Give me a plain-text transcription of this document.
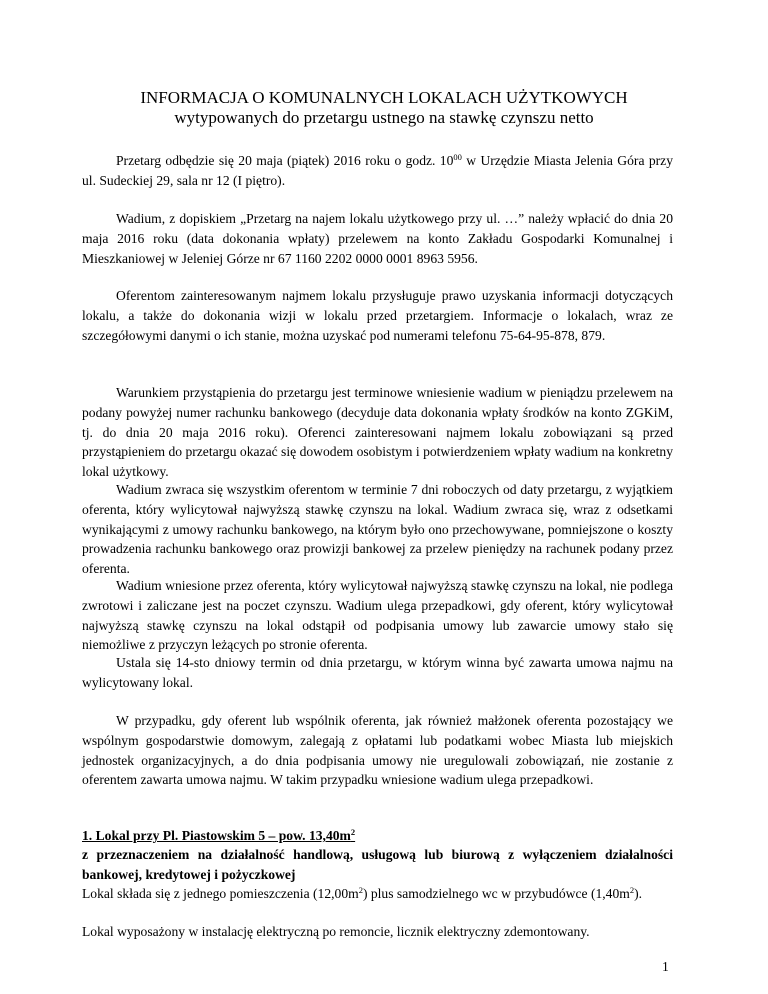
INFORMACJA O KOMUNALNYCH LOKALACH UŻYTKOWYCH
wytypowanych do przetargu ustnego na stawkę czynszu netto

Przetarg odbędzie się 20 maja (piątek) 2016 roku o godz. $10^{00}$ w Urzędzie Miasta Jelenia Góra przy ul. Sudeckiej 29, sala nr 12 (I piętro).

Wadium, z dopiskiem „Przetarg na najem lokalu użytkowego przy ul. …” należy wpłacić do dnia 20 maja 2016 roku (data dokonania wpłaty) przelewem na konto Zakładu Gospodarki Komunalnej i Mieszkaniowej w Jeleniej Górze nr 67 1160 2202 0000 0001 8963 5956.

Oferentom zainteresowanym najmem lokalu przysługuje prawo uzyskania informacji dotyczących lokalu, a także do dokonania wizji w lokalu przed przetargiem. Informacje o lokalach, wraz ze szczegółowymi danymi o ich stanie, można uzyskać pod numerami telefonu 75-64-95-878, 879.

Warunkiem przystąpienia do przetargu jest terminowe wniesienie wadium w pieniądzu przelewem na podany powyżej numer rachunku bankowego (decyduje data dokonania wpłaty środków na konto ZGKiM, tj. do dnia 20 maja 2016 roku). Oferenci zainteresowani najmem lokalu zobowiązani są przed przystąpieniem do przetargu okazać się dowodem osobistym i potwierdzeniem wpłaty wadium na konkretny lokal użytkowy.

Wadium zwraca się wszystkim oferentom w terminie 7 dni roboczych od daty przetargu, z wyjątkiem oferenta, który wylicytował najwyższą stawkę czynszu na lokal. Wadium zwraca się, wraz z odsetkami wynikającymi z umowy rachunku bankowego, na którym było ono przechowywane, pomniejszone o koszty prowadzenia rachunku bankowego oraz prowizji bankowej za przelew pieniędzy na rachunek podany przez oferenta.

Wadium wniesione przez oferenta, który wylicytował najwyższą stawkę czynszu na lokal, nie podlega zwrotowi i zaliczane jest na poczet czynszu. Wadium ulega przepadkowi, gdy oferent, który wylicytował najwyższą stawkę czynszu na lokal odstąpił od podpisania umowy lub zawarcie umowy stało się niemożliwe z przyczyn leżących po stronie oferenta.

Ustala się 14-sto dniowy termin od dnia przetargu, w którym winna być zawarta umowa najmu na wylicytowany lokal.

W przypadku, gdy oferent lub wspólnik oferenta, jak również małżonek oferenta pozostający we wspólnym gospodarstwie domowym, zalegają z opłatami lub podatkami wobec Miasta lub miejskich jednostek organizacyjnych, a do dnia podpisania umowy nie uregulowali zobowiązań, nie zostanie z oferentem zawarta umowa najmu. W takim przypadku wniesione wadium ulega przepadkowi.

1. Lokal przy Pl. Piastowskim 5 – pow. $13,40m^2$

z przeznaczeniem na działalność handlową, usługową lub biurową z wyłączeniem działalności bankowej, kredytowej i pożyczkowej

Lokal składa się z jednego pomieszczenia $(12,00m^2)$ plus samodzielnego wc w przybudówce $(1,40m^2)$.

Lokal wyposażony w instalację elektryczną po remoncie, licznik elektryczny zdemontowany.

1
